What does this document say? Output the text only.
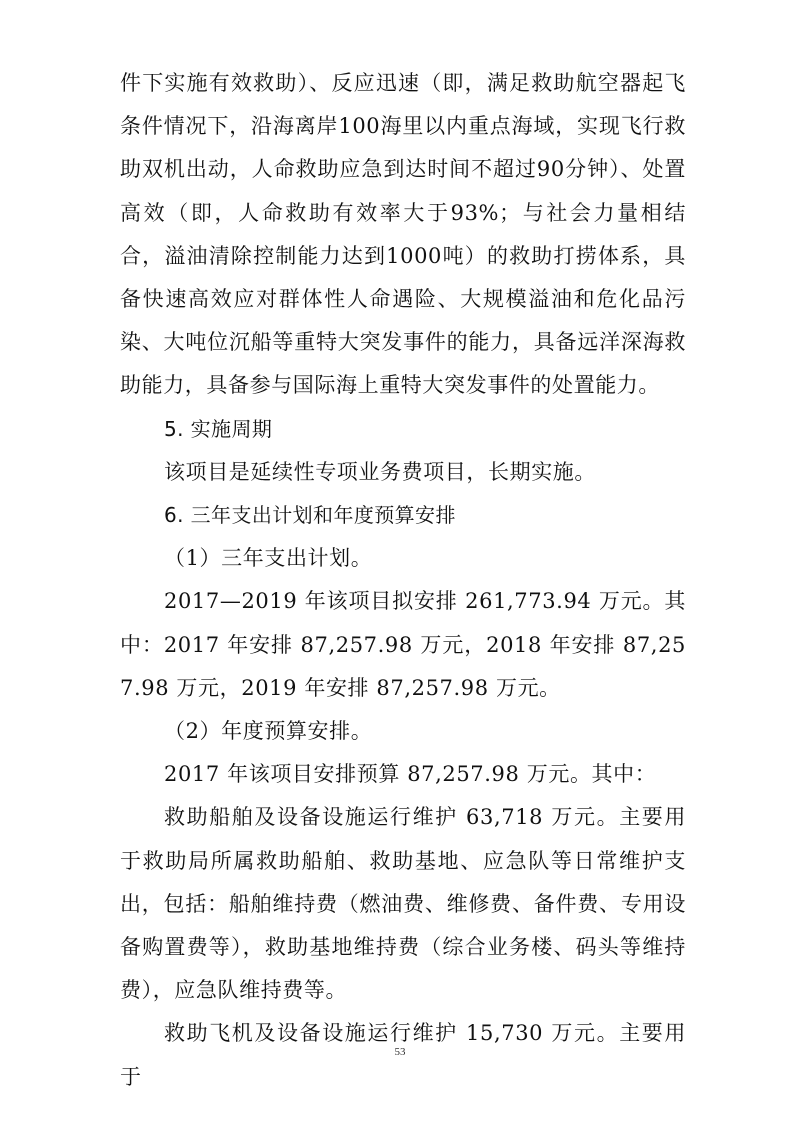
件下实施有效救助）、反应迅速（即，满足救助航空器起飞条件情况下，沿海离岸100海里以内重点海域，实现飞行救助双机出动，人命救助应急到达时间不超过90分钟）、处置高效（即，人命救助有效率大于93%；与社会力量相结合，溢油清除控制能力达到1000吨）的救助打捞体系，具备快速高效应对群体性人命遇险、大规模溢油和危化品污染、大吨位沉船等重特大突发事件的能力，具备远洋深海救助能力，具备参与国际海上重特大突发事件的处置能力。

5. 实施周期

该项目是延续性专项业务费项目，长期实施。

6. 三年支出计划和年度预算安排

（1）三年支出计划。

2017—2019 年该项目拟安排 261,773.94 万元。其中：2017 年安排 87,257.98 万元，2018 年安排 87,257.98 万元，2019 年安排 87,257.98 万元。

（2）年度预算安排。

2017 年该项目安排预算 87,257.98 万元。其中：

救助船舶及设备设施运行维护 63,718 万元。主要用于救助局所属救助船舶、救助基地、应急队等日常维护支出，包括：船舶维持费（燃油费、维修费、备件费、专用设备购置费等），救助基地维持费（综合业务楼、码头等维持费），应急队维持费等。

救助飞机及设备设施运行维护 15,730 万元。主要用于

53
